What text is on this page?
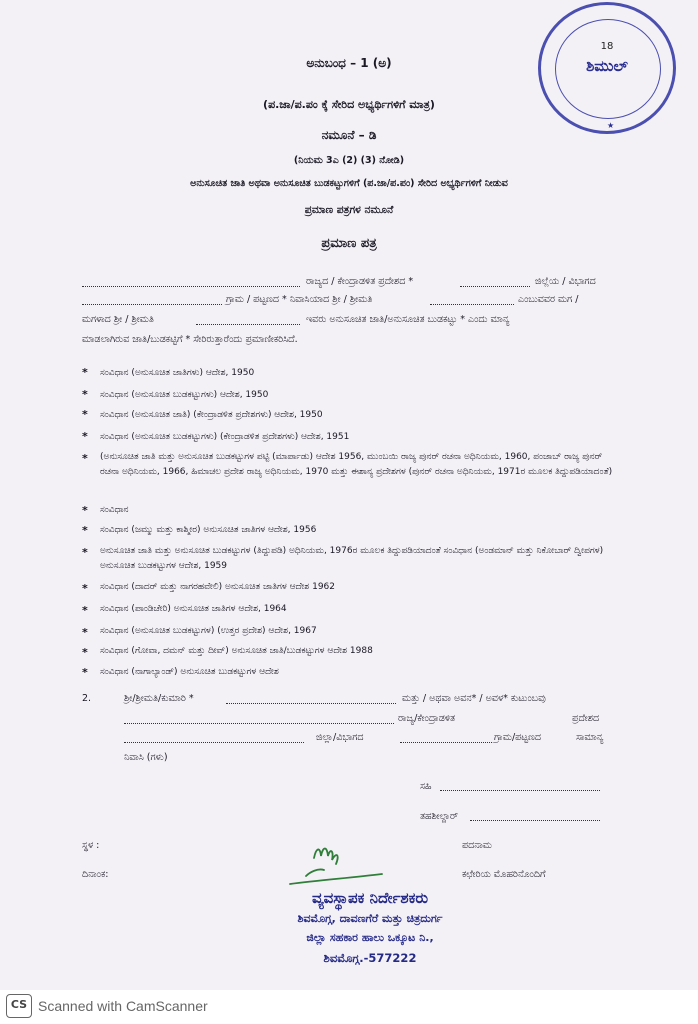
18
ಶಿಮುಲ್
★
ಅನುಬಂಧ – 1 (ಅ)
(ಪ.ಜಾ/ಪ.ಪಂ ಕ್ಕೆ ಸೇರಿದ ಅಭ್ಯರ್ಥಿಗಳಿಗೆ ಮಾತ್ರ)
ನಮೂನೆ – ಡಿ
(ನಿಯಮ 3ಎ (2) (3) ನೋಡಿ)
ಅನುಸೂಚಿತ ಜಾತಿ ಅಥವಾ ಅನುಸೂಚಿತ ಬುಡಕಟ್ಟುಗಳಿಗೆ (ಪ.ಜಾ/ಪ.ಪಂ) ಸೇರಿದ ಅಭ್ಯರ್ಥಿಗಳಿಗೆ ನೀಡುವ
ಪ್ರಮಾಣ ಪತ್ರಗಳ ನಮೂನೆ
ಪ್ರಮಾಣ ಪತ್ರ
ರಾಜ್ಯದ / ಕೇಂದ್ರಾಡಳಿತ ಪ್ರದೇಶದ *	ಜಿಲ್ಲೆಯ / ವಿಭಾಗದ
ಗ್ರಾಮ / ಪಟ್ಟಣದ * ನಿವಾಸಿಯಾದ ಶ್ರೀ / ಶ್ರೀಮತಿ	ಎಂಬುವವರ ಮಗ /
ಮಗಳಾದ ಶ್ರೀ / ಶ್ರೀಮತಿ	ಇವರು ಅನುಸೂಚಿತ ಜಾತಿ/ಅನುಸೂಚಿತ ಬುಡಕಟ್ಟು * ಎಂದು ಮಾನ್ಯ
ಮಾಡಲಾಗಿರುವ ಜಾತಿ/ಬುಡಕಟ್ಟಿಗೆ * ಸೇರಿರುತ್ತಾರೆಂದು ಪ್ರಮಾಣೀಕರಿಸಿದೆ.
* ಸಂವಿಧಾನ (ಅನುಸೂಚಿತ ಜಾತಿಗಳು) ಆದೇಶ, 1950
* ಸಂವಿಧಾನ (ಅನುಸೂಚಿತ ಬುಡಕಟ್ಟುಗಳು) ಆದೇಶ, 1950
* ಸಂವಿಧಾನ (ಅನುಸೂಚಿತ ಜಾತಿ) (ಕೇಂದ್ರಾಡಳಿತ ಪ್ರದೇಶಗಳು) ಆದೇಶ, 1950
* ಸಂವಿಧಾನ (ಅನುಸೂಚಿತ ಬುಡಕಟ್ಟುಗಳು) (ಕೇಂದ್ರಾಡಳಿತ ಪ್ರದೇಶಗಳು) ಆದೇಶ, 1951
* (ಅನುಸೂಚಿತ ಜಾತಿ ಮತ್ತು ಅನುಸೂಚಿತ ಬುಡಕಟ್ಟುಗಳ ಪಟ್ಟಿ (ಮಾರ್ಪಾಡು) ಆದೇಶ 1956, ಮುಂಬಯಿ ರಾಜ್ಯ ಪುನರ್ ರಚನಾ ಅಧಿನಿಯಮ, 1960, ಪಂಜಾಬ್ ರಾಜ್ಯ ಪುನರ್ ರಚನಾ ಅಧಿನಿಯಮ, 1966, ಹಿಮಾಚಲ ಪ್ರದೇಶ ರಾಜ್ಯ ಅಧಿನಿಯಮ, 1970 ಮತ್ತು ಈಶಾನ್ಯ ಪ್ರದೇಶಗಳ (ಪುನರ್ ರಚನಾ ಅಧಿನಿಯಮ, 1971ರ ಮೂಲಕ ತಿದ್ದುಪಡಿಯಾದಂತೆ)
* ಸಂವಿಧಾನ
* ಸಂವಿಧಾನ (ಜಮ್ಮು ಮತ್ತು ಕಾಶ್ಮೀರ) ಅನುಸೂಚಿತ ಜಾತಿಗಳ ಆದೇಶ, 1956
* ಅನುಸೂಚಿತ ಜಾತಿ ಮತ್ತು ಅನುಸೂಚಿತ ಬುಡಕಟ್ಟುಗಳ (ತಿದ್ದುಪಡಿ) ಅಧಿನಿಯಮ, 1976ರ ಮೂಲಕ ತಿದ್ದುಪಡಿಯಾದಂತೆ ಸಂವಿಧಾನ (ಅಂಡಮಾನ್ ಮತ್ತು ನಿಕೋಬಾರ್ ದ್ವೀಪಗಳ) ಅನುಸೂಚಿತ ಬುಡಕಟ್ಟುಗಳ ಆದೇಶ, 1959
* ಸಂವಿಧಾನ (ದಾದರ್ ಮತ್ತು ನಾಗರಹವೇಲಿ) ಅನುಸೂಚಿತ ಜಾತಿಗಳ ಆದೇಶ 1962
* ಸಂವಿಧಾನ (ಪಾಂಡಿಚೇರಿ) ಅನುಸೂಚಿತ ಜಾತಿಗಳ ಆದೇಶ, 1964
* ಸಂವಿಧಾನ (ಅನುಸೂಚಿತ ಬುಡಕಟ್ಟುಗಳ) (ಉತ್ತರ ಪ್ರದೇಶ) ಆದೇಶ, 1967
* ಸಂವಿಧಾನ (ಗೋವಾ, ದಮನ್ ಮತ್ತು ದೀವ್) ಅನುಸೂಚಿತ ಜಾತಿ/ಬುಡಕಟ್ಟುಗಳ ಆದೇಶ 1988
* ಸಂವಿಧಾನ (ನಾಗಾಲ್ಯಾಂಡ್) ಅನುಸೂಚಿತ ಬುಡಕಟ್ಟುಗಳ ಆದೇಶ
2.	ಶ್ರೀ/ಶ್ರೀಮತಿ/ಕುಮಾರಿ *	ಮತ್ತು / ಅಥವಾ ಅವನ* / ಅವಳ* ಕುಟುಂಬವು
ರಾಜ್ಯ/ಕೇಂದ್ರಾಡಳಿತ	ಪ್ರದೇಶದ
ಜಿಲ್ಲಾ/ವಿಭಾಗದ	ಗ್ರಾಮ/ಪಟ್ಟಣದ	ಸಾಮಾನ್ಯ
ನಿವಾಸಿ (ಗಳು)
ಸಹಿ
ತಹಶೀಲ್ದಾರ್
ಸ್ಥಳ :	ಪದನಾಮ
ದಿನಾಂಕ:	ಕಛೇರಿಯ ಮೊಹರಿನೊಂದಿಗೆ
ವ್ಯವಸ್ಥಾಪಕ ನಿರ್ದೇಶಕರು
ಶಿವಮೊಗ್ಗ, ದಾವಣಗೆರೆ ಮತ್ತು ಚಿತ್ರದುರ್ಗ
ಜಿಲ್ಲಾ ಸಹಕಾರ ಹಾಲು ಒಕ್ಕೂಟ ನಿ.,
ಶಿವಮೊಗ್ಗ.-577222
CS Scanned with CamScanner
